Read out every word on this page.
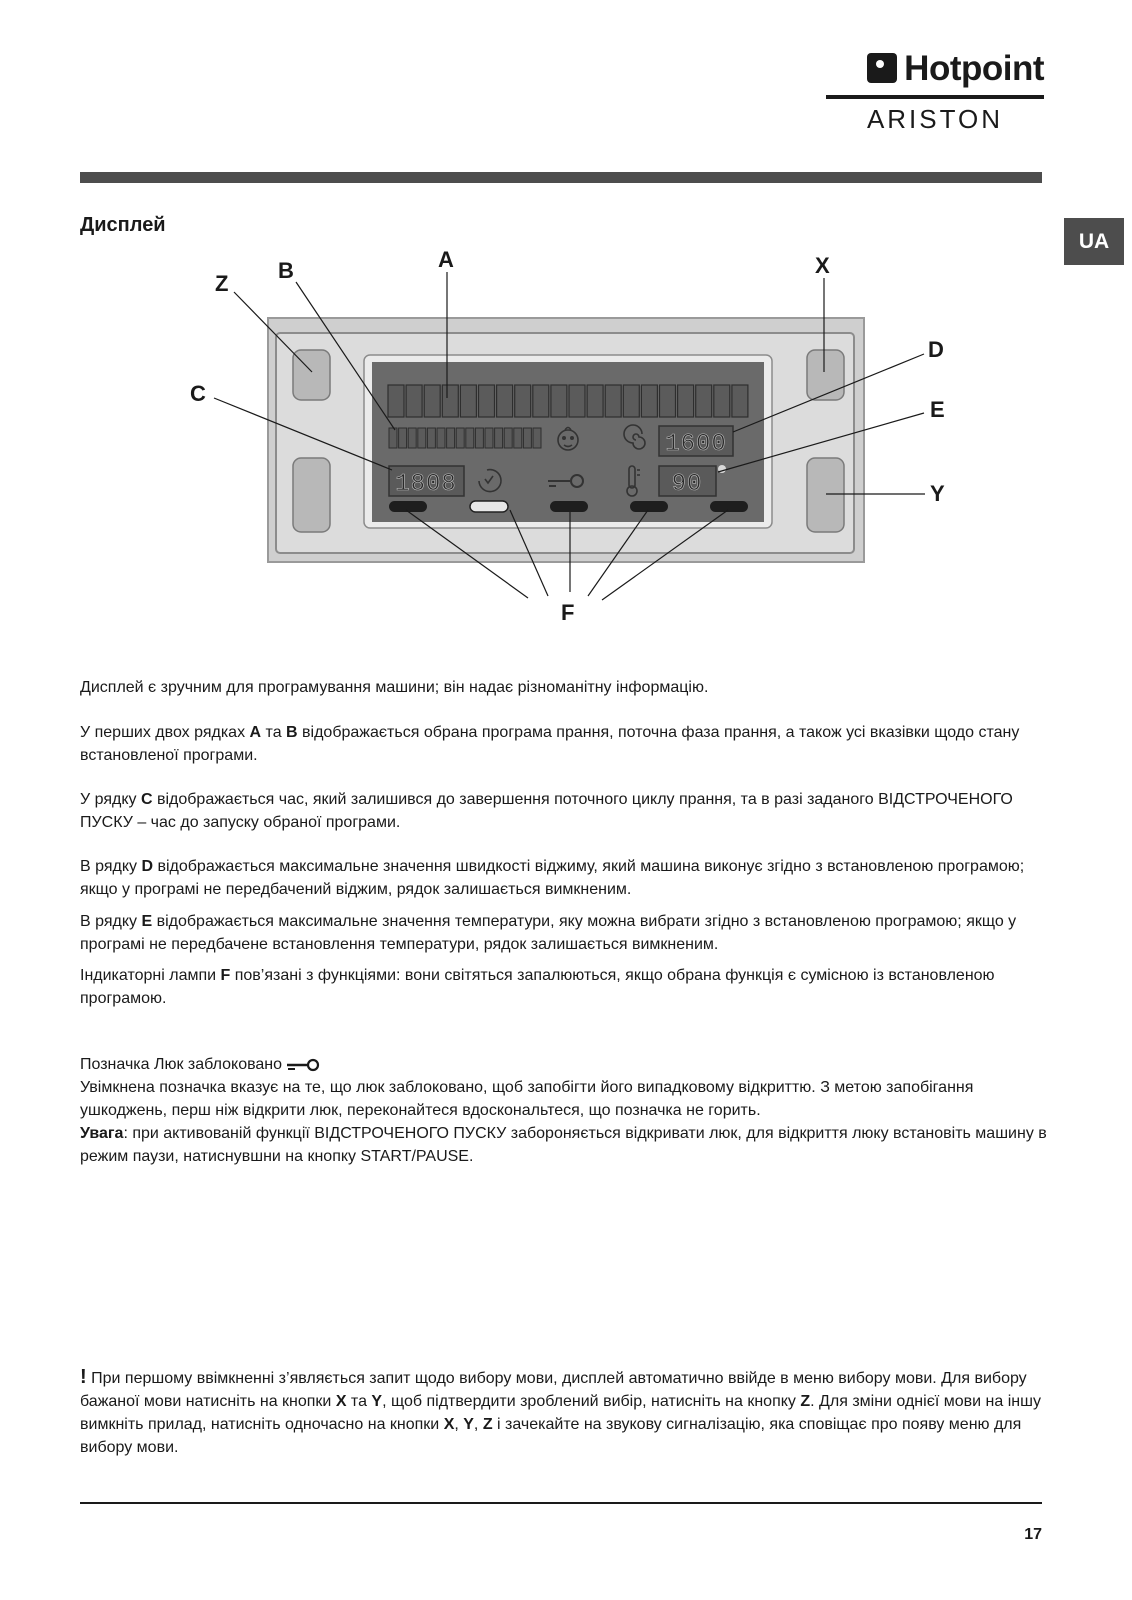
Hotpoint
ARISTON
UA
Дисплей
1600
1808	90
A
B
Z
C
X
D
E
Y
F

Дисплей є зручним для програмування машини; він надає різноманітну інформацію.

У перших двох рядках A та B відображається обрана програма прання, поточна фаза прання, а також усі вказівки щодо стану встановленої програми.

У рядку C відображається час, який залишився до завершення поточного циклу прання, та в разі заданого ВІДСТРОЧЕНОГО ПУСКУ – час до запуску обраної програми.

В рядку D відображається максимальне значення швидкості віджиму, який машина виконує згідно з встановленою програмою; якщо у програмі не передбачений віджим, рядок залишається вимкненим.

В рядку E відображається максимальне значення температури, яку можна вибрати згідно з встановленою програмою; якщо у програмі не передбачене встановлення температури, рядок залишається вимкненим.

Індикаторні лампи F пов’язані з функціями: вони світяться запалюються, якщо обрана функція є сумісною із встановленою програмою.

Позначка Люк заблоковано
Увімкнена позначка вказує на те, що люк заблоковано, щоб запобігти його випадковому відкриттю. З метою запобігання ушкоджень, перш ніж відкрити люк, переконайтеся вдоскональтеся, що позначка не горить.
Увага: при активованій функції ВІДСТРОЧЕНОГО ПУСКУ забороняється відкривати люк, для відкриття люку встановіть машину в режим паузи, натиснувшни на кнопку START/PAUSE.

! При першому ввімкненні з’являється запит щодо вибору мови, дисплей автоматично ввійде в меню вибору мови. Для вибору бажаної мови натисніть на кнопки X та Y, щоб підтвердити зроблений вибір, натисніть на кнопку Z. Для зміни однієї мови на іншу вимкніть прилад, натисніть одночасно на кнопки X, Y, Z і зачекайте на звукову сигналізацію, яка сповіщає про появу меню для вибору мови.

17
